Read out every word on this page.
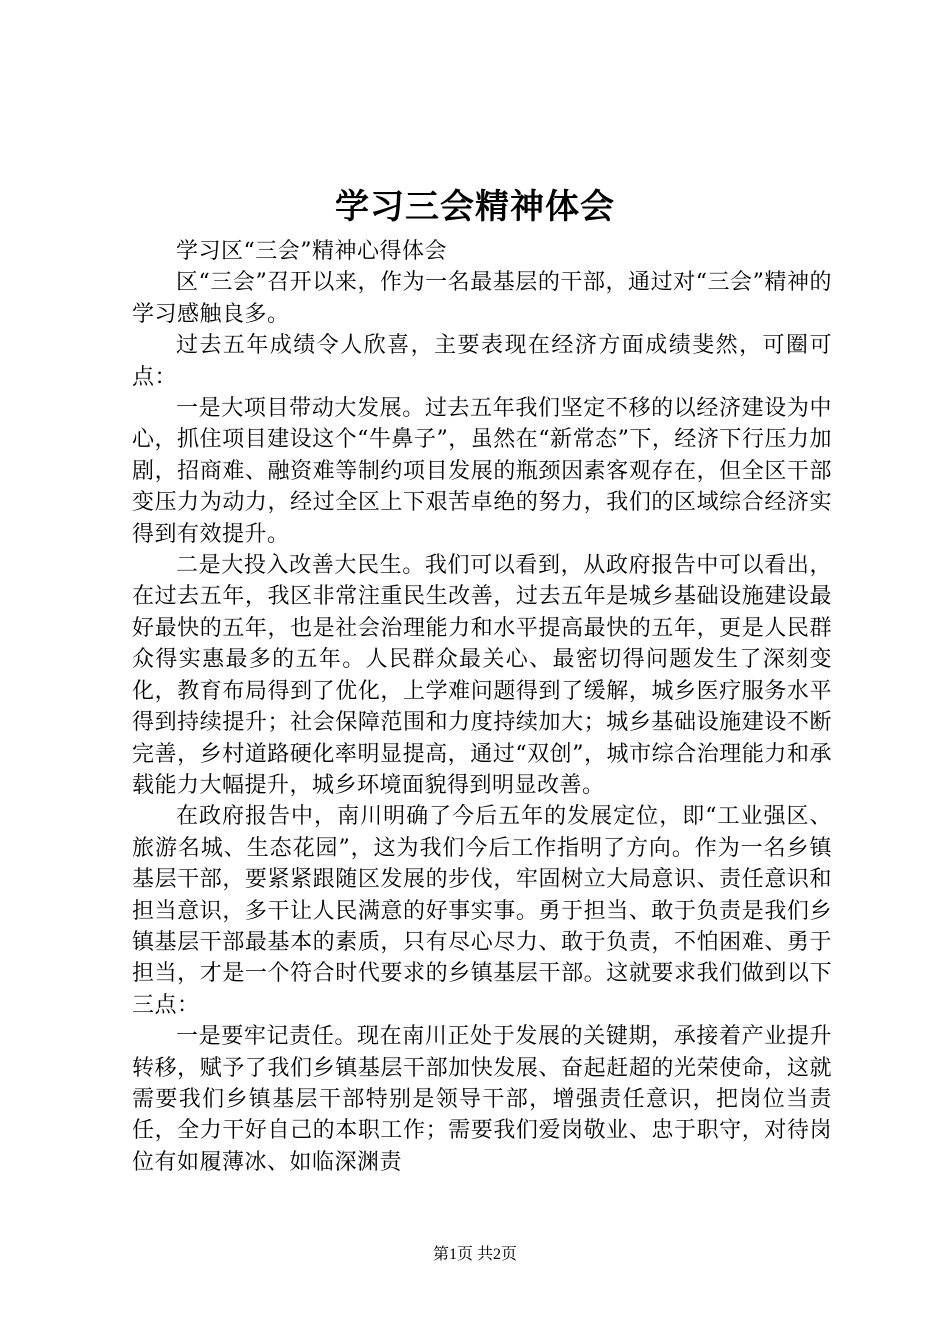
学习三会精神体会

学习区“三会”精神心得体会

区“三会”召开以来，作为一名最基层的干部，通过对“三会”精神的学习感触良多。

过去五年成绩令人欣喜，主要表现在经济方面成绩斐然，可圈可点：

一是大项目带动大发展。过去五年我们坚定不移的以经济建设为中心，抓住项目建设这个“牛鼻子”，虽然在“新常态”下，经济下行压力加剧，招商难、融资难等制约项目发展的瓶颈因素客观存在，但全区干部变压力为动力，经过全区上下艰苦卓绝的努力，我们的区域综合经济实得到有效提升。

二是大投入改善大民生。我们可以看到，从政府报告中可以看出，在过去五年，我区非常注重民生改善，过去五年是城乡基础设施建设最好最快的五年，也是社会治理能力和水平提高最快的五年，更是人民群众得实惠最多的五年。人民群众最关心、最密切得问题发生了深刻变化，教育布局得到了优化，上学难问题得到了缓解，城乡医疗服务水平得到持续提升；社会保障范围和力度持续加大；城乡基础设施建设不断完善，乡村道路硬化率明显提高，通过“双创”，城市综合治理能力和承载能力大幅提升，城乡环境面貌得到明显改善。

在政府报告中，南川明确了今后五年的发展定位，即“工业强区、旅游名城、生态花园”，这为我们今后工作指明了方向。作为一名乡镇基层干部，要紧紧跟随区发展的步伐，牢固树立大局意识、责任意识和担当意识，多干让人民满意的好事实事。勇于担当、敢于负责是我们乡镇基层干部最基本的素质，只有尽心尽力、敢于负责，不怕困难、勇于担当，才是一个符合时代要求的乡镇基层干部。这就要求我们做到以下三点：

一是要牢记责任。现在南川正处于发展的关键期，承接着产业提升转移，赋予了我们乡镇基层干部加快发展、奋起赶超的光荣使命，这就需要我们乡镇基层干部特别是领导干部，增强责任意识，把岗位当责任，全力干好自己的本职工作；需要我们爱岗敬业、忠于职守，对待岗位有如履薄冰、如临深渊责

第1页 共2页
